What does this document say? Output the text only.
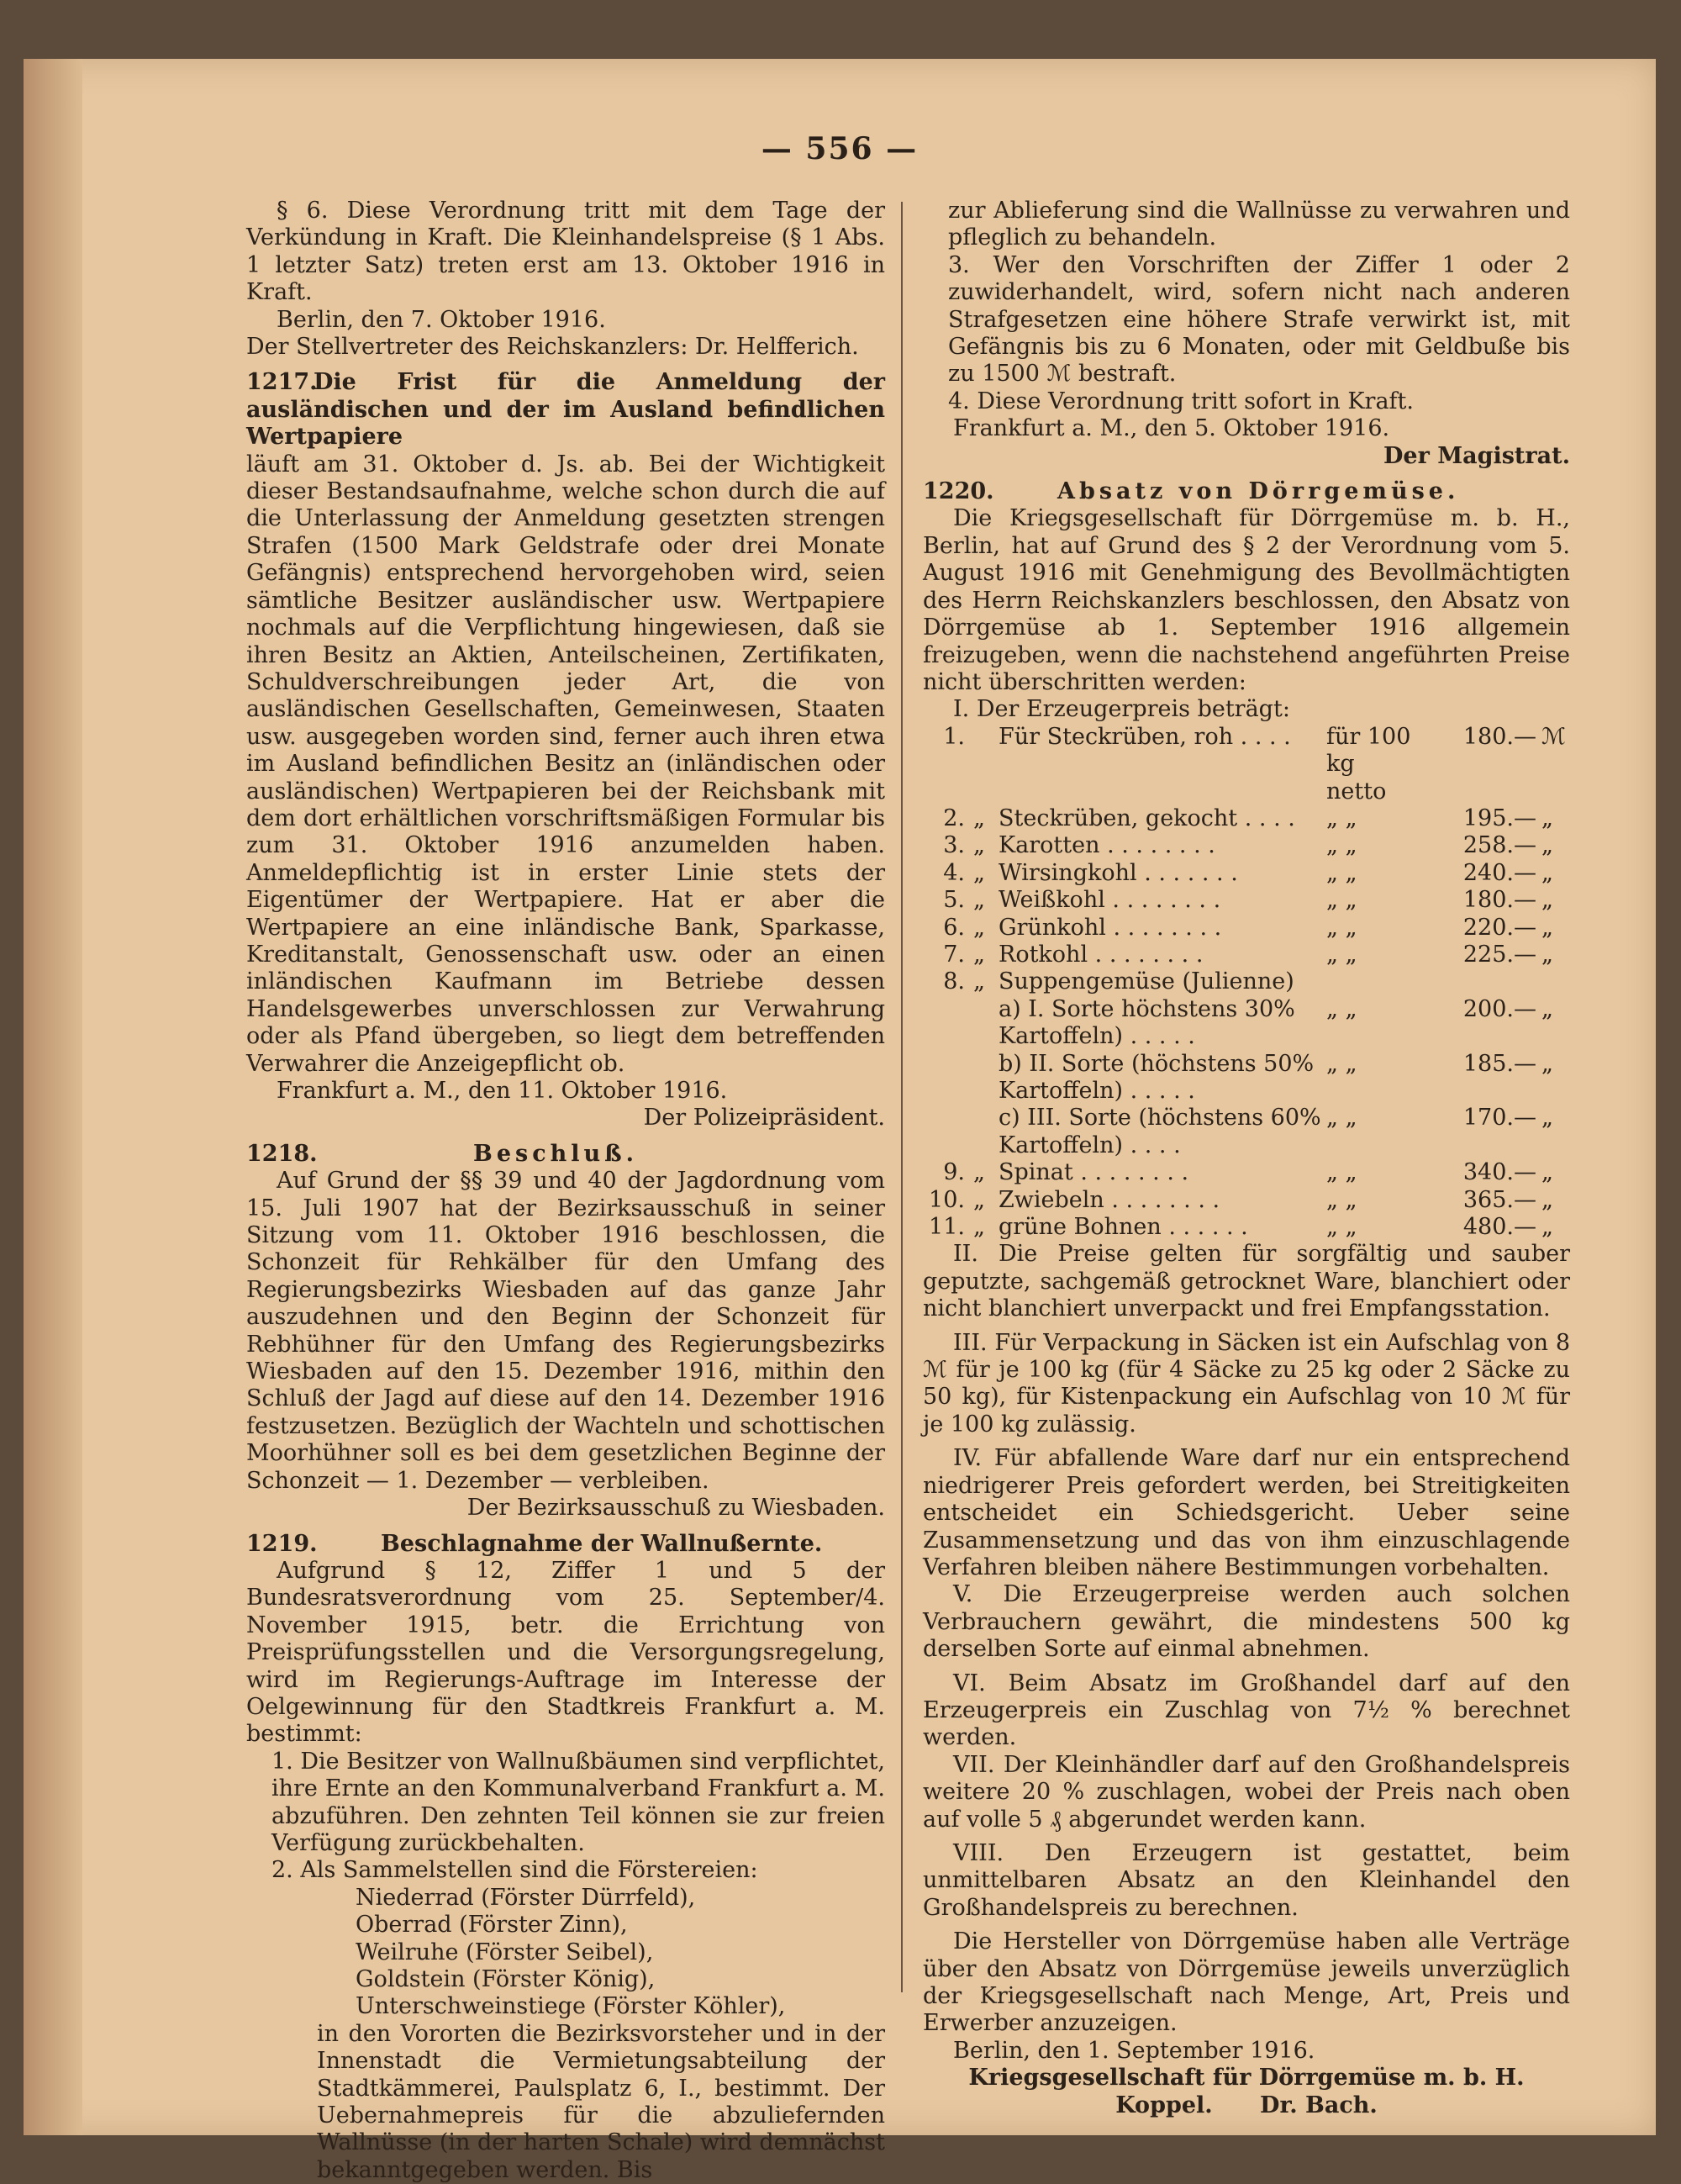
— 556 —

§ 6. Diese Verordnung tritt mit dem Tage der Verkündung in Kraft. Die Kleinhandelspreise (§ 1 Abs. 1 letzter Satz) treten erst am 13. Oktober 1916 in Kraft.

Berlin, den 7. Oktober 1916.

Der Stellvertreter des Reichskanzlers: Dr. Helfferich.

1217.Die Frist für die Anmeldung der ausländischen und der im Ausland befindlichen Wertpapiere

läuft am 31. Oktober d. Js. ab. Bei der Wichtigkeit dieser Bestandsaufnahme, welche schon durch die auf die Unterlassung der Anmeldung gesetzten strengen Strafen (1500 Mark Geldstrafe oder drei Monate Gefängnis) entsprechend hervorgehoben wird, seien sämtliche Besitzer ausländischer usw. Wertpapiere nochmals auf die Verpflichtung hingewiesen, daß sie ihren Besitz an Aktien, Anteilscheinen, Zertifikaten, Schuldverschreibungen jeder Art, die von ausländischen Gesellschaften, Gemeinwesen, Staaten usw. ausgegeben worden sind, ferner auch ihren etwa im Ausland befindlichen Besitz an (inländischen oder ausländischen) Wertpapieren bei der Reichsbank mit dem dort erhältlichen vorschriftsmäßigen Formular bis zum 31. Oktober 1916 anzumelden haben. Anmeldepflichtig ist in erster Linie stets der Eigentümer der Wertpapiere. Hat er aber die Wertpapiere an eine inländische Bank, Sparkasse, Kreditanstalt, Genossenschaft usw. oder an einen inländischen Kaufmann im Betriebe dessen Handelsgewerbes unverschlossen zur Verwahrung oder als Pfand übergeben, so liegt dem betreffenden Verwahrer die Anzeigepflicht ob.

Frankfurt a. M., den 11. Oktober 1916.

Der Polizeipräsident.

1218.	Beschluß.

Auf Grund der §§ 39 und 40 der Jagdordnung vom 15. Juli 1907 hat der Bezirksausschuß in seiner Sitzung vom 11. Oktober 1916 beschlossen, die Schonzeit für Rehkälber für den Umfang des Regierungsbezirks Wiesbaden auf das ganze Jahr auszudehnen und den Beginn der Schonzeit für Rebhühner für den Umfang des Regierungsbezirks Wiesbaden auf den 15. Dezember 1916, mithin den Schluß der Jagd auf diese auf den 14. Dezember 1916 festzusetzen. Bezüglich der Wachteln und schottischen Moorhühner soll es bei dem gesetzlichen Beginne der Schonzeit — 1. Dezember — verbleiben.

Der Bezirksausschuß zu Wiesbaden.

1219.	Beschlagnahme der Wallnußernte.

Aufgrund § 12, Ziffer 1 und 5 der Bundesratsverordnung vom 25. September/4. November 1915, betr. die Errichtung von Preisprüfungsstellen und die Versorgungsregelung, wird im Regierungs-Auftrage im Interesse der Oelgewinnung für den Stadtkreis Frankfurt a. M. bestimmt:

1. Die Besitzer von Wallnußbäumen sind verpflichtet, ihre Ernte an den Kommunalverband Frankfurt a. M. abzuführen. Den zehnten Teil können sie zur freien Verfügung zurückbehalten.

2. Als Sammelstellen sind die Förstereien:

Niederrad (Förster Dürrfeld),

Oberrad (Förster Zinn),

Weilruhe (Förster Seibel),

Goldstein (Förster König),

Unterschweinstiege (Förster Köhler),

in den Vororten die Bezirksvorsteher und in der Innenstadt die Vermietungsabteilung der Stadtkämmerei, Paulsplatz 6, I., bestimmt. Der Uebernahmepreis für die abzuliefernden Wallnüsse (in der harten Schale) wird demnächst bekanntgegeben werden. Bis

zur Ablieferung sind die Wallnüsse zu verwahren und pfleglich zu behandeln.

3. Wer den Vorschriften der Ziffer 1 oder 2 zuwiderhandelt, wird, sofern nicht nach anderen Strafgesetzen eine höhere Strafe verwirkt ist, mit Gefängnis bis zu 6 Monaten, oder mit Geldbuße bis zu 1500 ℳ bestraft.

4. Diese Verordnung tritt sofort in Kraft.

Frankfurt a. M., den 5. Oktober 1916.

Der Magistrat.

1220.	Absatz von Dörrgemüse.

Die Kriegsgesellschaft für Dörrgemüse m. b. H., Berlin, hat auf Grund des § 2 der Verordnung vom 5. August 1916 mit Genehmigung des Bevollmächtigten des Herrn Reichskanzlers beschlossen, den Absatz von Dörrgemüse ab 1. September 1916 allgemein freizugeben, wenn die nachstehend angeführten Preise nicht überschritten werden:

I. Der Erzeugerpreis beträgt:

1.		Für Steckrüben, roh . . . .	für 100 kg netto	180.—	ℳ
2.	„	Steckrüben, gekocht . . . .	„ „	195.—	„
3.	„	Karotten . . . . . . . .	„ „	258.—	„
4.	„	Wirsingkohl . . . . . . .	„ „	240.—	„
5.	„	Weißkohl . . . . . . . .	„ „	180.—	„
6.	„	Grünkohl . . . . . . . .	„ „	220.—	„
7.	„	Rotkohl . . . . . . . .	„ „	225.—	„
8.	„	Suppengemüse (Julienne)			
		a) I. Sorte höchstens 30% Kartoffeln) . . . . .	„ „	200.—	„
		b) II. Sorte (höchstens 50% Kartoffeln) . . . . .	„ „	185.—	„
		c) III. Sorte (höchstens 60% Kartoffeln) . . . .	„ „	170.—	„
9.	„	Spinat . . . . . . . .	„ „	340.—	„
10.	„	Zwiebeln . . . . . . . .	„ „	365.—	„
11.	„	grüne Bohnen . . . . . .	„ „	480.—	„

II. Die Preise gelten für sorgfältig und sauber geputzte, sachgemäß getrocknet Ware, blanchiert oder nicht blanchiert unverpackt und frei Empfangsstation.

III. Für Verpackung in Säcken ist ein Aufschlag von 8 ℳ für je 100 kg (für 4 Säcke zu 25 kg oder 2 Säcke zu 50 kg), für Kistenpackung ein Aufschlag von 10 ℳ für je 100 kg zulässig.

IV. Für abfallende Ware darf nur ein entsprechend niedrigerer Preis gefordert werden, bei Streitigkeiten entscheidet ein Schiedsgericht. Ueber seine Zusammensetzung und das von ihm einzuschlagende Verfahren bleiben nähere Bestimmungen vorbehalten.

V. Die Erzeugerpreise werden auch solchen Verbrauchern gewährt, die mindestens 500 kg derselben Sorte auf einmal abnehmen.

VI. Beim Absatz im Großhandel darf auf den Erzeugerpreis ein Zuschlag von 7½ % berechnet werden.

VII. Der Kleinhändler darf auf den Großhandelspreis weitere 20 % zuschlagen, wobei der Preis nach oben auf volle 5 ₰ abgerundet werden kann.

VIII. Den Erzeugern ist gestattet, beim unmittelbaren Absatz an den Kleinhandel den Großhandelspreis zu berechnen.

Die Hersteller von Dörrgemüse haben alle Verträge über den Absatz von Dörrgemüse jeweils unverzüglich der Kriegsgesellschaft nach Menge, Art, Preis und Erwerber anzuzeigen.

Berlin, den 1. September 1916.

Kriegsgesellschaft für Dörrgemüse m. b. H.

Koppel.      Dr. Bach.
